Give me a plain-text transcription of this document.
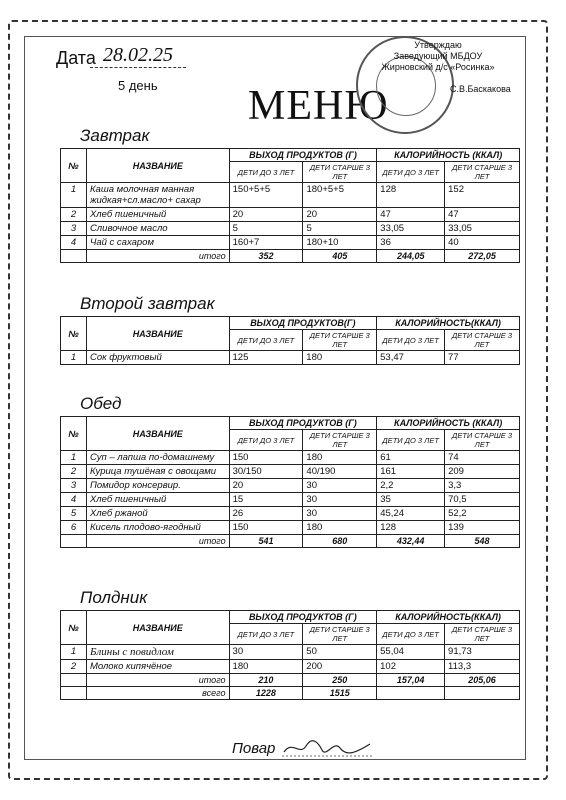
Дата 28.02.25
5 день МЕНЮ
Утверждаю
Заведующий МБДОУ
Жирновский д/с «Росинка»
С.В.Баскакова
Завтрак
№	НАЗВАНИЕ	ВЫХОД ПРОДУКТОВ (Г)		КАЛОРИЙНОСТЬ (ККАЛ)	
		ДЕТИ ДО 3 ЛЕТ	ДЕТИ СТАРШЕ 3 ЛЕТ	ДЕТИ ДО 3 ЛЕТ	ДЕТИ СТАРШЕ 3 ЛЕТ
1	Каша молочная манная жидкая+сл.масло+ сахар	150+5+5	180+5+5	128	152
2	Хлеб пшеничный	20	20	47	47
3	Сливочное масло	5	5	33,05	33,05
4	Чай с сахаром	160+7	180+10	36	40
	итого	352	405	244,05	272,05
Второй завтрак
№	НАЗВАНИЕ	ВЫХОД ПРОДУКТОВ(Г)		КАЛОРИЙНОСТЬ(ККАЛ)	
		ДЕТИ ДО 3 ЛЕТ	ДЕТИ СТАРШЕ 3 ЛЕТ	ДЕТИ ДО 3 ЛЕТ	ДЕТИ СТАРШЕ 3 ЛЕТ
1	Сок фруктовый	125	180	53,47	77
Обед
№	НАЗВАНИЕ	ВЫХОД ПРОДУКТОВ (Г)		КАЛОРИЙНОСТЬ (ККАЛ)	
		ДЕТИ ДО 3 ЛЕТ	ДЕТИ СТАРШЕ 3 ЛЕТ	ДЕТИ ДО 3 ЛЕТ	ДЕТИ СТАРШЕ 3 ЛЕТ
1	Суп – лапша по-домашнему	150	180	61	74
2	Курица тушёная с овощами	30/150	40/190	161	209
3	Помидор консервир.	20	30	2,2	3,3
4	Хлеб пшеничный	15	30	35	70,5
5	Хлеб ржаной	26	30	45,24	52,2
6	Кисель плодово-ягодный	150	180	128	139
	итого	541	680	432,44	548
Полдник
№	НАЗВАНИЕ	ВЫХОД ПРОДУКТОВ (Г)		КАЛОРИЙНОСТЬ(ККАЛ)	
		ДЕТИ ДО 3 ЛЕТ	ДЕТИ СТАРШЕ 3 ЛЕТ	ДЕТИ ДО 3 ЛЕТ	ДЕТИ СТАРШЕ 3 ЛЕТ
1	Блины с повидлом	30	50	55,04	91,73
2	Молоко кипячёное	180	200	102	113,3
	итого	210	250	157,04	205,06
	всего	1228	1515		
Повар
